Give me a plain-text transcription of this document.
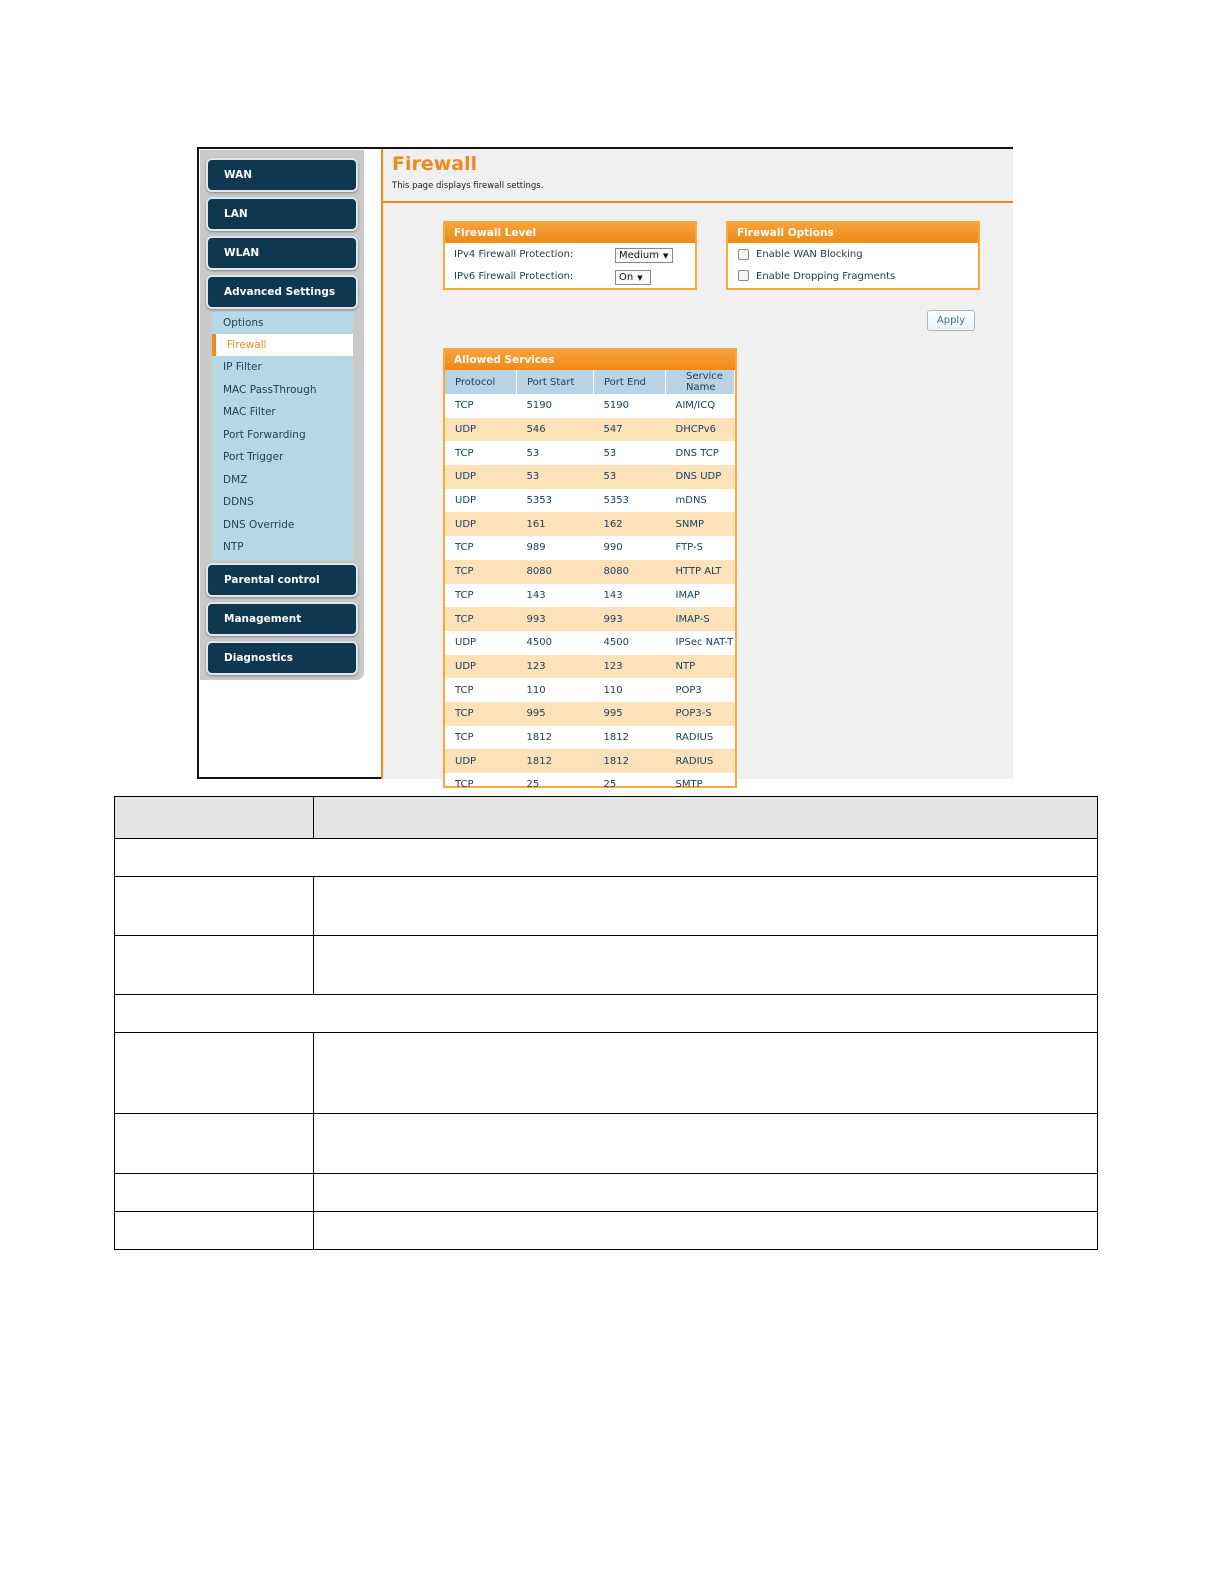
WAN
LAN
WLAN
Advanced Settings
Options
Firewall
IP Filter
MAC PassThrough
MAC Filter
Port Forwarding
Port Trigger
DMZ
DDNS
DNS Override
NTP
Parental control
Management
Diagnostics
Firewall
This page displays firewall settings.
Firewall Level
IPv4 Firewall Protection:	Medium ▼
IPv6 Firewall Protection:	On ▼
Firewall Options
Enable WAN Blocking
Enable Dropping Fragments
Apply
Allowed Services
Protocol	Port Start	Port End	Service Name
TCP	5190	5190	AIM/ICQ
UDP	546	547	DHCPv6
TCP	53	53	DNS TCP
UDP	53	53	DNS UDP
UDP	5353	5353	mDNS
UDP	161	162	SNMP
TCP	989	990	FTP-S
TCP	8080	8080	HTTP ALT
TCP	143	143	IMAP
TCP	993	993	IMAP-S
UDP	4500	4500	IPSec NAT-T
UDP	123	123	NTP
TCP	110	110	POP3
TCP	995	995	POP3-S
TCP	1812	1812	RADIUS
UDP	1812	1812	RADIUS
TCP	25	25	SMTP
